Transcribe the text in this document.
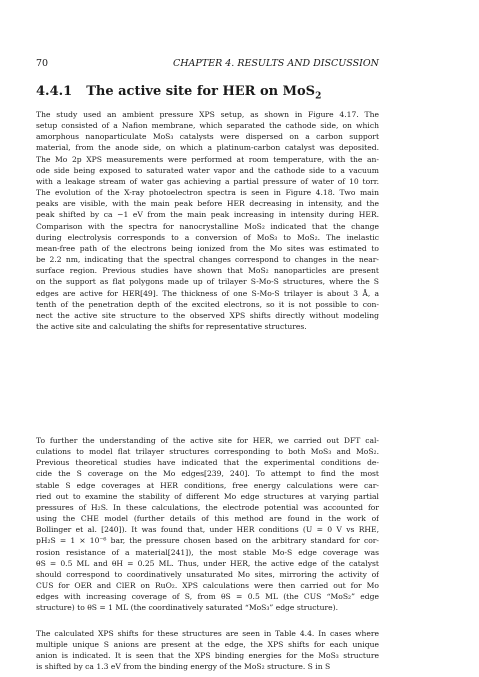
70	CHAPTER 4. RESULTS AND DISCUSSION
4.4.1 The active site for HER on MoS$_2$
The study used an ambient pressure XPS setup, as shown in Figure 4.17. The
setup consisted of a Nafion membrane, which separated the cathode side, on which
amorphous nanoparticulate MoS₃ catalysts were dispersed on a carbon support
material, from the anode side, on which a platinum-carbon catalyst was deposited.
The Mo 2p XPS measurements were performed at room temperature, with the an-
ode side being exposed to saturated water vapor and the cathode side to a vacuum
with a leakage stream of water gas achieving a partial pressure of water of 10 torr.
The evolution of the X-ray photoelectron spectra is seen in Figure 4.18. Two main
peaks are visible, with the main peak before HER decreasing in intensity, and the
peak shifted by ca −1 eV from the main peak increasing in intensity during HER.
Comparison with the spectra for nanocrystalline MoS₂ indicated that the change
during electrolysis corresponds to a conversion of MoS₃ to MoS₂. The inelastic
mean-free path of the electrons being ionized from the Mo sites was estimated to
be 2.2 nm, indicating that the spectral changes correspond to changes in the near-
surface region. Previous studies have shown that MoS₂ nanoparticles are present
on the support as flat polygons made up of trilayer S-Mo-S structures, where the S
edges are active for HER[49]. The thickness of one S-Mo-S trilayer is about 3 Å, a
tenth of the penetration depth of the excited electrons, so it is not possible to con-
nect the active site structure to the observed XPS shifts directly without modeling
the active site and calculating the shifts for representative structures.
To further the understanding of the active site for HER, we carried out DFT cal-
culations to model flat trilayer structures corresponding to both MoS₃ and MoS₂.
Previous theoretical studies have indicated that the experimental conditions de-
cide the S coverage on the Mo edges[239, 240]. To attempt to find the most
stable S edge coverages at HER conditions, free energy calculations were car-
ried out to examine the stability of different Mo edge structures at varying partial
pressures of H₂S. In these calculations, the electrode potential was accounted for
using the CHE model (further details of this method are found in the work of
Bollinger et al. [240]). It was found that, under HER conditions (U = 0 V vs RHE,
pH₂S = 1 × 10⁻⁶ bar, the pressure chosen based on the arbitrary standard for cor-
rosion resistance of a material[241]), the most stable Mo-S edge coverage was
θS = 0.5 ML and θH = 0.25 ML. Thus, under HER, the active edge of the catalyst
should correspond to coordinatively unsaturated Mo sites, mirroring the activity of
CUS for OER and ClER on RuO₂. XPS calculations were then carried out for Mo
edges with increasing coverage of S, from θS = 0.5 ML (the CUS “MoS₂” edge
structure) to θS = 1 ML (the coordinatively saturated “MoS₃” edge structure).
The calculated XPS shifts for these structures are seen in Table 4.4. In cases where
multiple unique S anions are present at the edge, the XPS shifts for each unique
anion is indicated. It is seen that the XPS binding energies for the MoS₃ structure
is shifted by ca 1.3 eV from the binding energy of the MoS₂ structure. S in S
